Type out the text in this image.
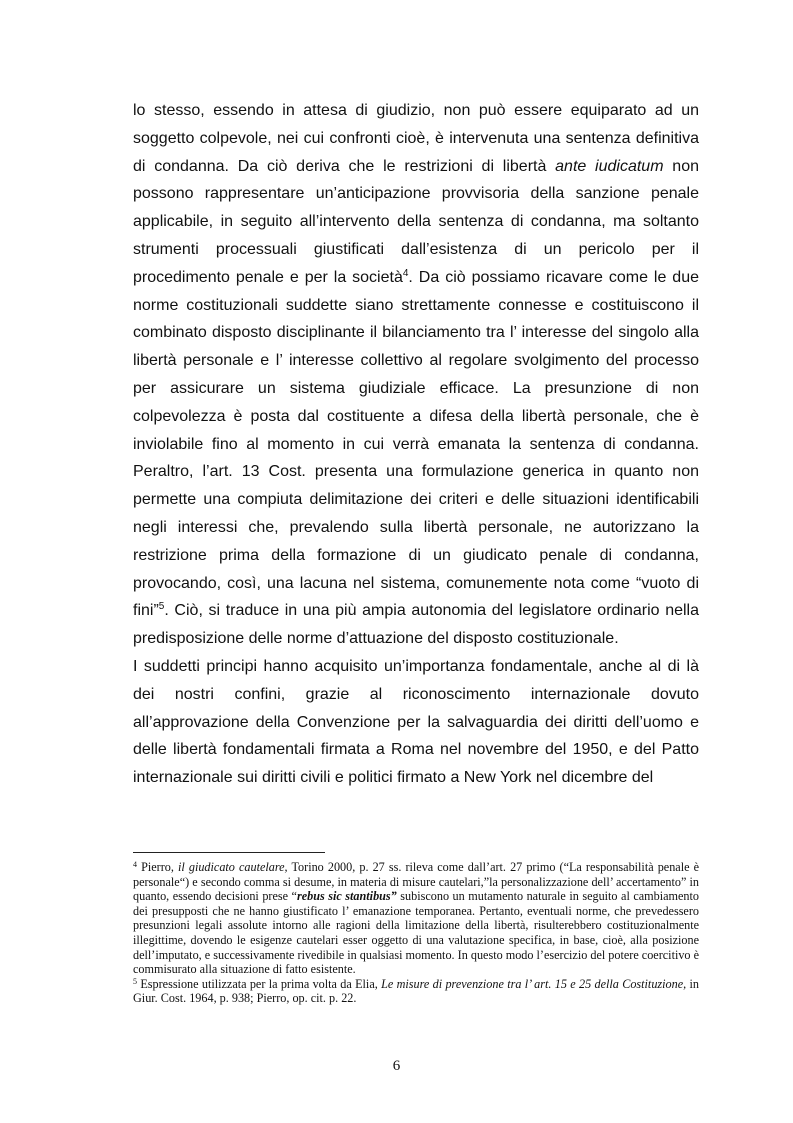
lo stesso, essendo in attesa di giudizio, non può essere equiparato ad un soggetto colpevole, nei cui confronti cioè, è intervenuta una sentenza definitiva di condanna. Da ciò deriva che le restrizioni di libertà ante iudicatum non possono rappresentare un’anticipazione provvisoria della sanzione penale applicabile, in seguito all’intervento della sentenza di condanna, ma soltanto strumenti processuali giustificati dall’esistenza di un pericolo per il procedimento penale e per la società$^4$. Da ciò possiamo ricavare come le due norme costituzionali suddette siano strettamente connesse e costituiscono il combinato disposto disciplinante il bilanciamento tra l’ interesse del singolo alla libertà personale e l’ interesse collettivo al regolare svolgimento del processo per assicurare un sistema giudiziale efficace. La presunzione di non colpevolezza è posta dal costituente a difesa della libertà personale, che è inviolabile fino al momento in cui verrà emanata la sentenza di condanna. Peraltro, l’art. 13 Cost. presenta una formulazione generica in quanto non permette una compiuta delimitazione dei criteri e delle situazioni identificabili negli interessi che, prevalendo sulla libertà personale, ne autorizzano la restrizione prima della formazione di un giudicato penale di condanna, provocando, così, una lacuna nel sistema, comunemente nota come “vuoto di fini”$^5$. Ciò, si traduce in una più ampia autonomia del legislatore ordinario nella predisposizione delle norme d’attuazione del disposto costituzionale.

I suddetti principi hanno acquisito un’importanza fondamentale, anche al di là dei nostri confini, grazie al riconoscimento internazionale dovuto all’approvazione della Convenzione per la salvaguardia dei diritti dell’uomo e delle libertà fondamentali firmata a Roma nel novembre del 1950, e del Patto internazionale sui diritti civili e politici firmato a New York nel dicembre del

$^4$ Pierro, il giudicato cautelare, Torino 2000, p. 27 ss. rileva come dall’art. 27 primo (“La responsabilità penale è personale“) e secondo comma si desume, in materia di misure cautelari,”la personalizzazione dell’ accertamento” in quanto, essendo decisioni prese “rebus sic stantibus” subiscono un mutamento naturale in seguito al cambiamento dei presupposti che ne hanno giustificato l’ emanazione temporanea. Pertanto, eventuali norme, che prevedessero presunzioni legali assolute intorno alle ragioni della limitazione della libertà, risulterebbero costituzionalmente illegittime, dovendo le esigenze cautelari esser oggetto di una valutazione specifica, in base, cioè, alla posizione dell’imputato, e successivamente rivedibile in qualsiasi momento. In questo modo l’esercizio del potere coercitivo è commisurato alla situazione di fatto esistente.

$^5$ Espressione utilizzata per la prima volta da Elia, Le misure di prevenzione tra l’ art. 15 e 25 della Costituzione, in Giur. Cost. 1964, p. 938; Pierro, op. cit. p. 22.

6
